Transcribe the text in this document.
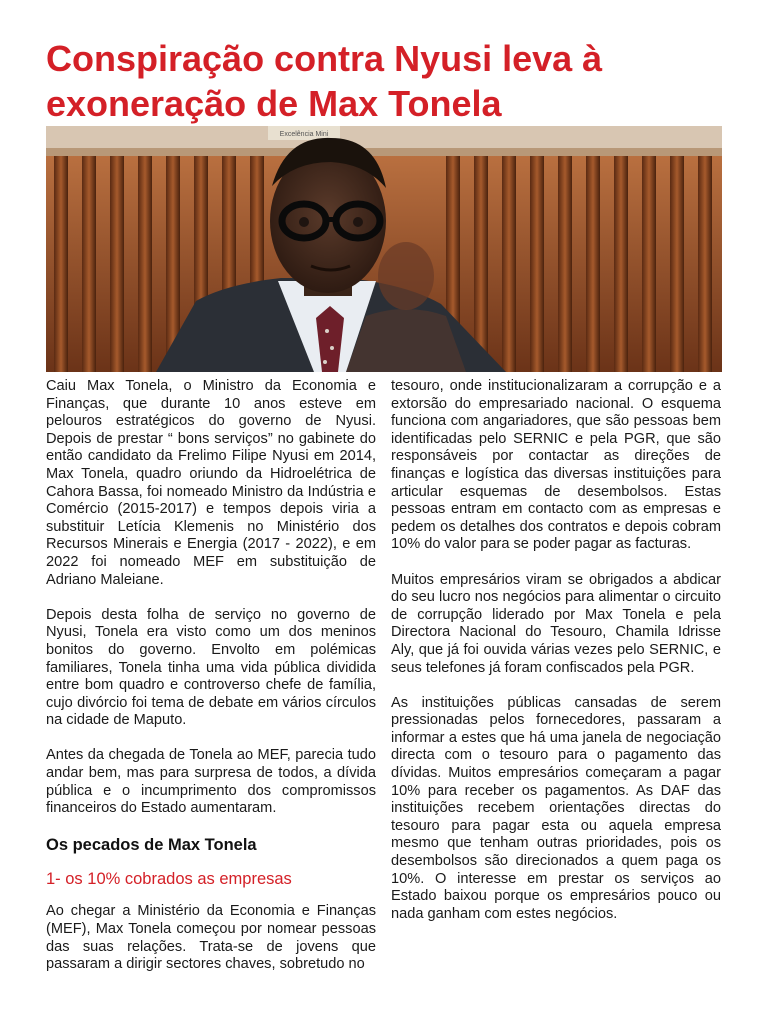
Conspiração contra Nyusi leva à exoneração de Max Tonela
Excelência Mini

Caiu Max Tonela, o Ministro da Economia e Finanças, que durante 10 anos esteve em pelouros estratégicos do governo de Nyusi. Depois de prestar “ bons serviços” no gabinete do então candidato da Frelimo Filipe Nyusi em 2014, Max Tonela, quadro oriundo da Hidroelétrica de Cahora Bassa, foi nomeado Ministro da Indústria e Comércio (2015-2017) e tempos depois viria a substituir Letícia Klemenis no Ministério dos Recursos Minerais e Energia (2017 - 2022), e em 2022 foi nomeado MEF em substituição de Adriano Maleiane.

Depois desta folha de serviço no governo de Nyusi, Tonela era visto como um dos meninos bonitos do governo. Envolto em polémicas familiares, Tonela tinha uma vida pública dividida entre bom quadro e controverso chefe de família, cujo divórcio foi tema de debate em vários círculos na cidade de Maputo.

Antes da chegada de Tonela ao MEF, parecia tudo andar bem, mas para surpresa de todos, a dívida pública e o incumprimento dos compromissos financeiros do Estado aumentaram.

Os pecados de Max Tonela
1- os 10% cobrados as empresas

Ao chegar a Ministério da Economia e Finanças (MEF), Max Tonela começou por nomear pessoas das suas relações. Trata-se de jovens que passaram a dirigir sectores chaves, sobretudo no

tesouro, onde institucionalizaram a corrupção e a extorsão do empresariado nacional. O esquema funciona com angariadores, que são pessoas bem identificadas pelo SERNIC e pela PGR, que são responsáveis por contactar as direções de finanças e logística das diversas instituições para articular esquemas de desembolsos. Estas pessoas entram em contacto com as empresas e pedem os detalhes dos contratos e depois cobram 10% do valor para se poder pagar as facturas.

Muitos empresários viram se obrigados a abdicar do seu lucro nos negócios para alimentar o circuito de corrupção liderado por Max Tonela e pela Directora Nacional do Tesouro, Chamila Idrisse Aly, que já foi ouvida várias vezes pelo SERNIC, e seus telefones já foram confiscados pela PGR.

As instituições públicas cansadas de serem pressionadas pelos fornecedores, passaram a informar a estes que há uma janela de negociação directa com o tesouro para o pagamento das dívidas. Muitos empresários começaram a pagar 10% para receber os pagamentos. As DAF das instituições recebem orientações directas do tesouro para pagar esta ou aquela empresa mesmo que tenham outras prioridades, pois os desembolsos são direcionados a quem paga os 10%. O interesse em prestar os serviços ao Estado baixou porque os empresários pouco ou nada ganham com estes negócios.
